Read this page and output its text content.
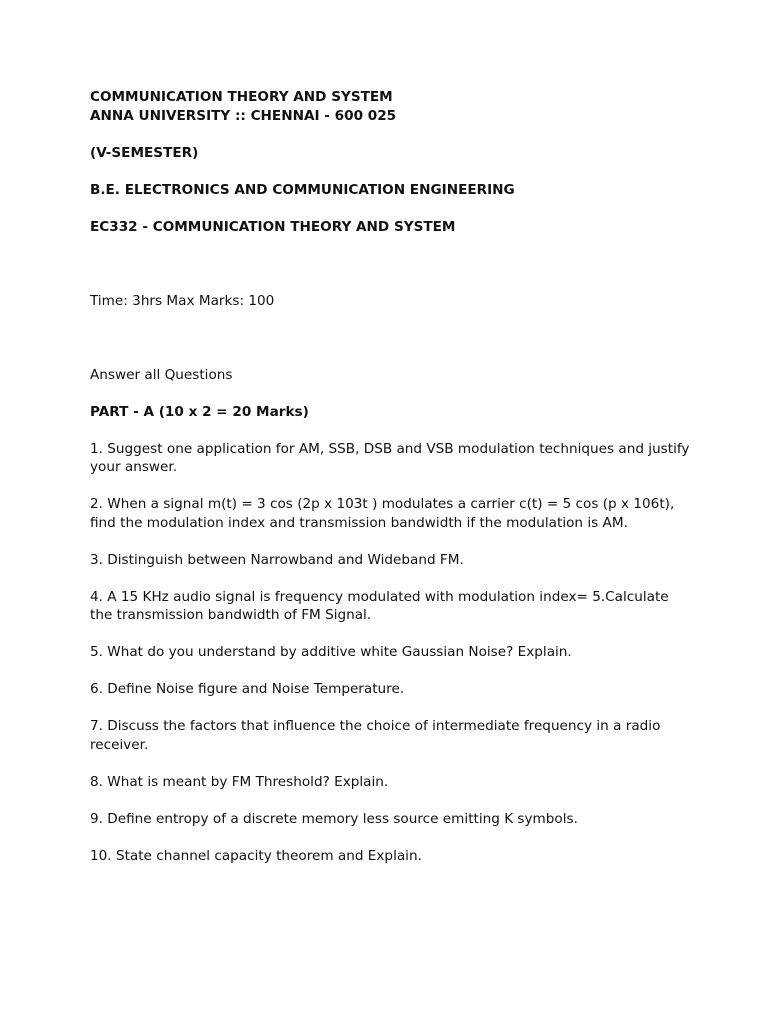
COMMUNICATION THEORY AND SYSTEM

ANNA UNIVERSITY :: CHENNAI - 600 025

(V-SEMESTER)

B.E. ELECTRONICS AND COMMUNICATION ENGINEERING

EC332 - COMMUNICATION THEORY AND SYSTEM

Time: 3hrs Max Marks: 100

Answer all Questions

PART - A (10 x 2 = 20 Marks)

1. Suggest one application for AM, SSB, DSB and VSB modulation techniques and justify your answer.

2. When a signal m(t) = 3 cos (2p x 103t ) modulates a carrier c(t) = 5 cos (p x 106t), find the modulation index and transmission bandwidth if the modulation is AM.

3. Distinguish between Narrowband and Wideband FM.

4. A 15 KHz audio signal is frequency modulated with modulation index= 5.Calculate the transmission bandwidth of FM Signal.

5. What do you understand by additive white Gaussian Noise? Explain.

6. Define Noise figure and Noise Temperature.

7. Discuss the factors that influence the choice of intermediate frequency in a radio receiver.

8. What is meant by FM Threshold? Explain.

9. Define entropy of a discrete memory less source emitting K symbols.

10. State channel capacity theorem and Explain.
